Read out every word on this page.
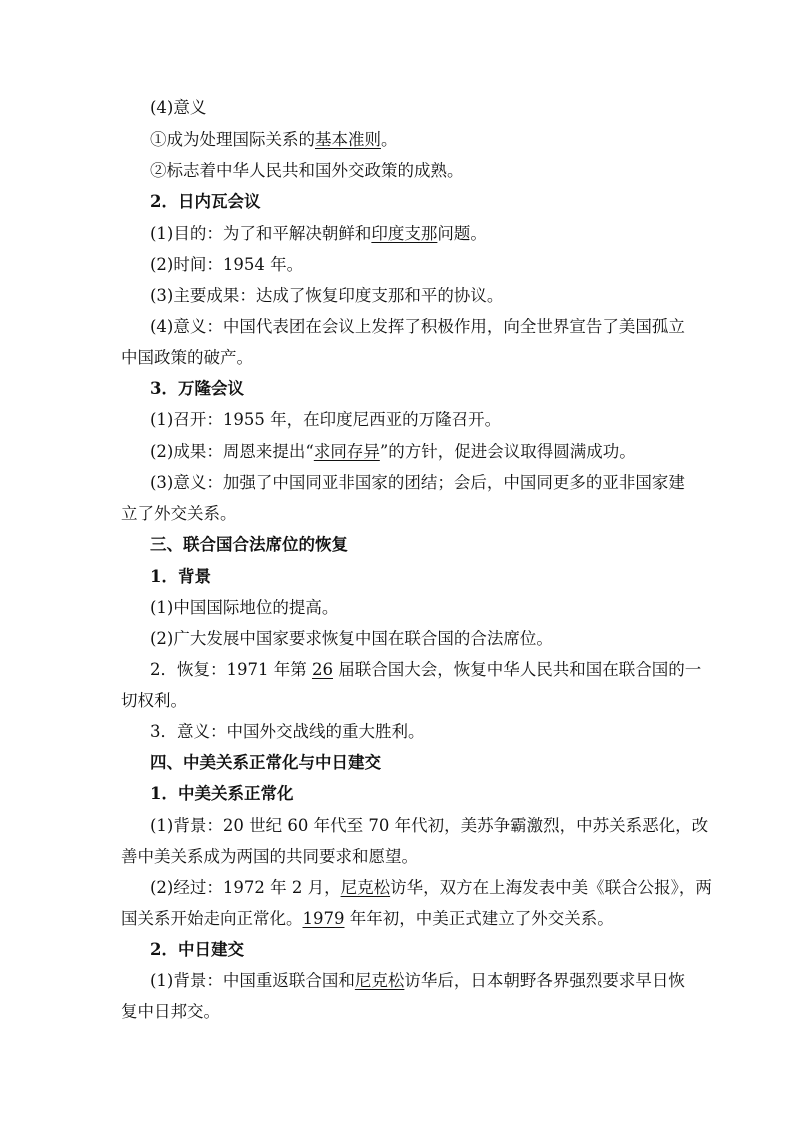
(4)意义
①成为处理国际关系的基本准则。
②标志着中华人民共和国外交政策的成熟。
2．日内瓦会议
(1)目的：为了和平解决朝鲜和印度支那问题。
(2)时间：1954 年。
(3)主要成果：达成了恢复印度支那和平的协议。
(4)意义：中国代表团在会议上发挥了积极作用，向全世界宣告了美国孤立
中国政策的破产。
3．万隆会议
(1)召开：1955 年，在印度尼西亚的万隆召开。
(2)成果：周恩来提出“求同存异”的方针，促进会议取得圆满成功。
(3)意义：加强了中国同亚非国家的团结；会后，中国同更多的亚非国家建
立了外交关系。
三、联合国合法席位的恢复
1．背景
(1)中国国际地位的提高。
(2)广大发展中国家要求恢复中国在联合国的合法席位。
2．恢复：1971 年第 26 届联合国大会，恢复中华人民共和国在联合国的一
切权利。
3．意义：中国外交战线的重大胜利。
四、中美关系正常化与中日建交
1．中美关系正常化
(1)背景：20 世纪 60 年代至 70 年代初，美苏争霸激烈，中苏关系恶化，改
善中美关系成为两国的共同要求和愿望。
(2)经过：1972 年 2 月，尼克松访华，双方在上海发表中美《联合公报》，两
国关系开始走向正常化。1979 年年初，中美正式建立了外交关系。
2．中日建交
(1)背景：中国重返联合国和尼克松访华后，日本朝野各界强烈要求早日恢
复中日邦交。
